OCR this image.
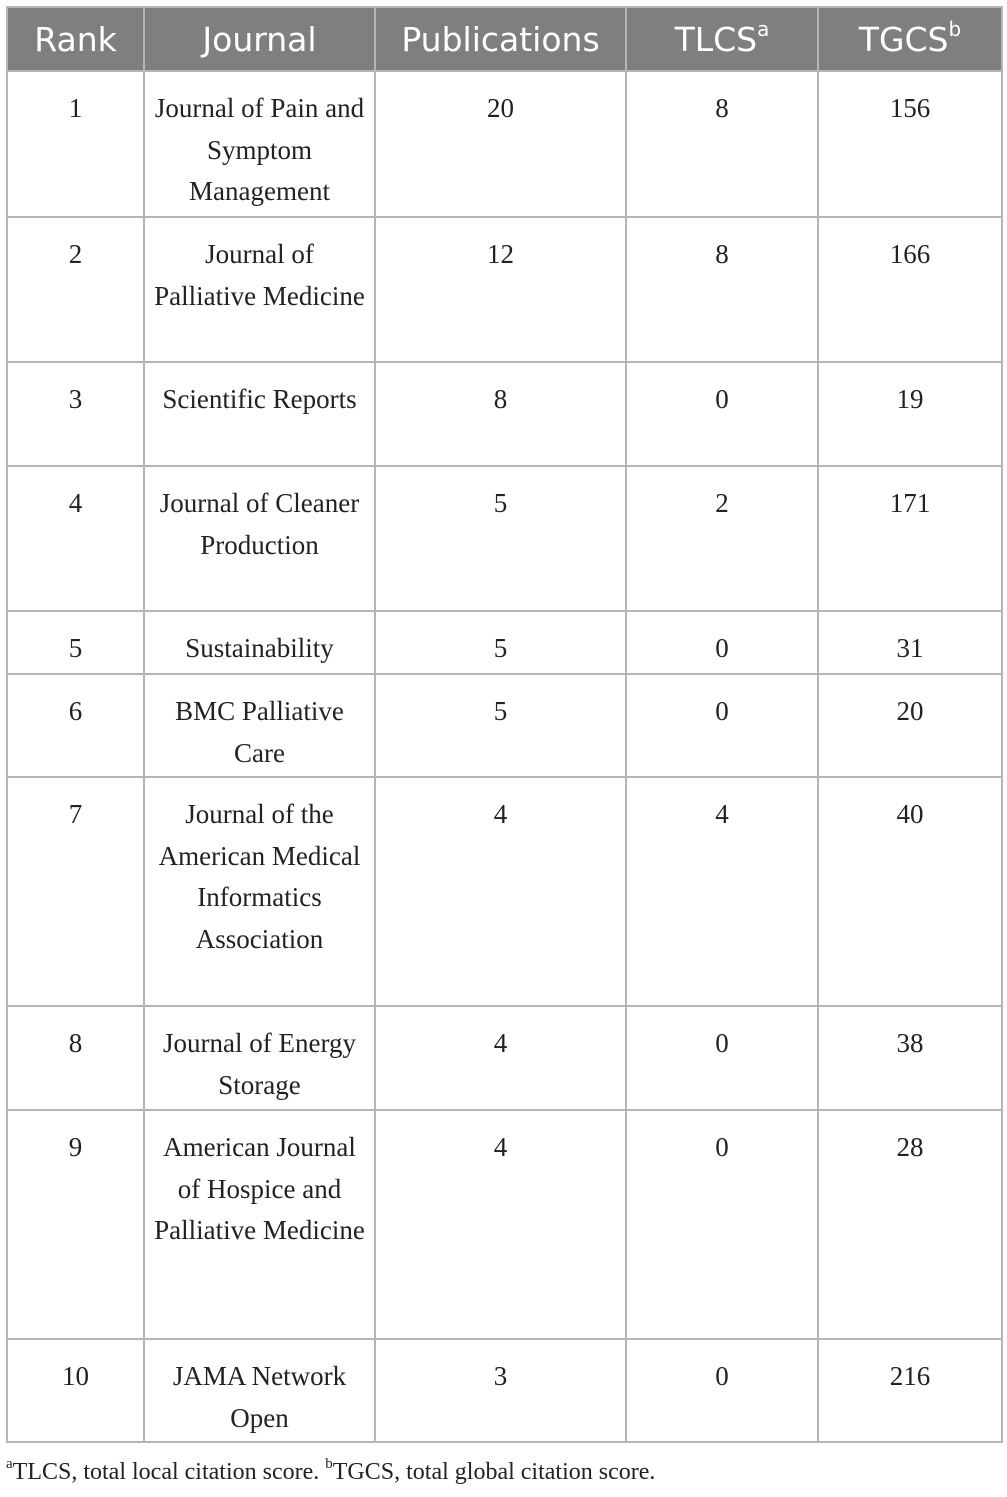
Rank	Journal	Publications	TLCS$^a$	TGCS$^b$
1	Journal of Pain and Symptom Management	20	8	156
2	Journal of Palliative Medicine	12	8	166
3	Scientific Reports	8	0	19
4	Journal of Cleaner Production	5	2	171
5	Sustainability	5	0	31
6	BMC Palliative Care	5	0	20
7	Journal of the American Medical Informatics Association	4	4	40
8	Journal of Energy Storage	4	0	38
9	American Journal of Hospice and Palliative Medicine	4	0	28
10	JAMA Network Open	3	0	216
$^a$TLCS, total local citation score. $^b$TGCS, total global citation score.
